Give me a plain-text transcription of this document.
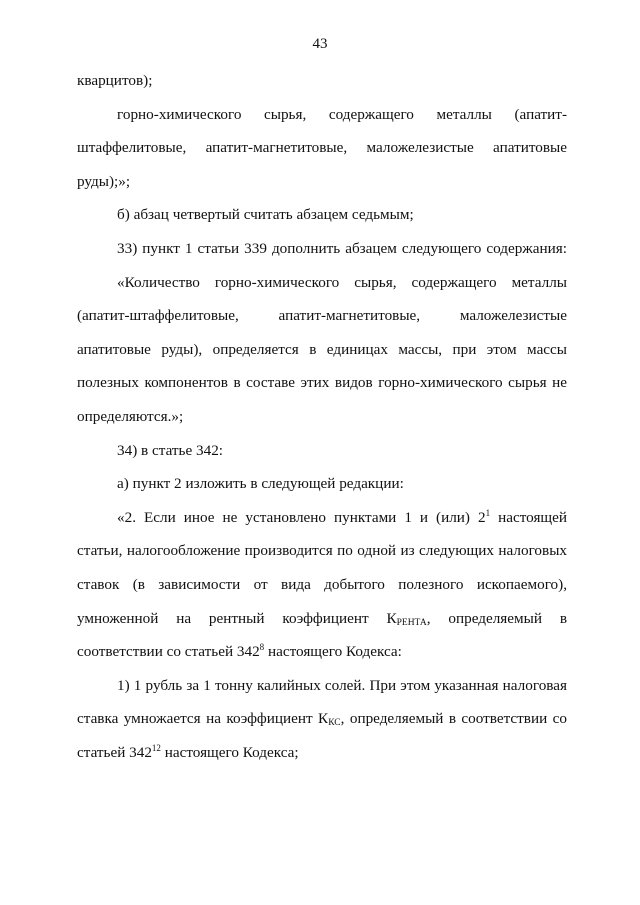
43

кварцитов);

горно-химического сырья, содержащего металлы (апатит-штаффелитовые, апатит-магнетитовые, маложелезистые апатитовые руды);»;

б) абзац четвертый считать абзацем седьмым;

33) пункт 1 статьи 339 дополнить абзацем следующего содержания:

«Количество горно-химического сырья, содержащего металлы (апатит-штаффелитовые, апатит-магнетитовые, маложелезистые апатитовые руды), определяется в единицах массы, при этом массы полезных компонентов в составе этих видов горно-химического сырья не определяются.»;

34) в статье 342:

а) пункт 2 изложить в следующей редакции:

«2. Если иное не установлено пунктами 1 и (или) $2^1$ настоящей статьи, налогообложение производится по одной из следующих налоговых ставок (в зависимости от вида добытого полезного ископаемого), умноженной на рентный коэффициент $К_{РЕНТА}$, определяемый в соответствии со статьей $342^8$ настоящего Кодекса:

1) 1 рубль за 1 тонну калийных солей. При этом указанная налоговая ставка умножается на коэффициент $К_{КС}$, определяемый в соответствии со статьей $342^{12}$ настоящего Кодекса;
